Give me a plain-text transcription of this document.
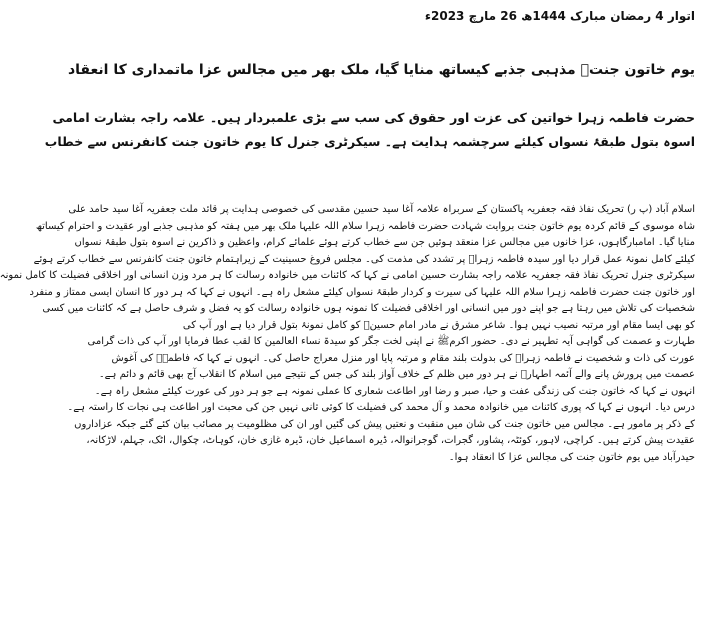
اتوار 4 رمضان مبارک 1444ھ 26 مارچ 2023ء
یوم خاتون جنتؑ مذہبی جذبے کیساتھ منایا گیا، ملک بھر میں مجالس عزا ماتمداری کا انعقاد
حضرت فاطمہ زہرا خواتین کی عزت اور حقوق کی سب سے بڑی علمبردار ہیں۔ علامہ راجہ بشارت امامی
اسوہ بتول طبقۂ نسواں کیلئے سرچشمہ ہدایت ہے۔ سیکرٹری جنرل کا یوم خاتون جنت کانفرنس سے خطاب
اسلام آباد (پ ر) تحریک نفاذ فقہ جعفریہ پاکستان کے سربراہ علامہ آغا سید حسین مقدسی کی خصوصی ہدایت پر قائد ملت جعفریہ آغا سید حامد علی
شاہ موسوی کے قائم کردہ یوم خاتون جنت بروایت شہادت حضرت فاطمہ زہرا سلام اللہ علیہا ملک بھر میں ہفتہ کو مذہبی جذبے اور عقیدت و احترام کیساتھ
منایا گیا۔ امامبارگاہوں، عزا خانوں میں مجالس عزا منعقد ہوئیں جن سے خطاب کرتے ہوئے علمائے کرام، واعظین و ذاکرین نے اسوہ بتول طبقۂ نسواں
کیلئے کامل نمونۂ عمل قرار دیا اور سیدہ فاطمہ زہراؑ پر تشدد کی مذمت کی۔ مجلس فروغ حسینیت کے زیراہتمام خاتون جنت کانفرنس سے خطاب کرتے ہوئے
سیکرٹری جنرل تحریک نفاذ فقہ جعفریہ علامہ راجہ بشارت حسین امامی نے کہا کہ کائنات میں خانوادہ رسالت کا ہر مرد وزن انسانی اور اخلاقی فضیلت کا کامل نمونہ
اور خاتون جنت حضرت فاطمہ زہرا سلام اللہ علیہا کی سیرت و کردار طبقۂ نسواں کیلئے مشعل راہ ہے۔ انہوں نے کہا کہ ہر دور کا انسان ایسی ممتاز و منفرد
شخصیات کی تلاش میں رہتا ہے جو اپنے دور میں انسانی اور اخلاقی فضیلت کا نمونہ ہوں خانوادہ رسالت کو یہ فضل و شرف حاصل ہے کہ کائنات میں کسی
کو بھی ایسا مقام اور مرتبہ نصیب نہیں ہوا۔ شاعر مشرق نے مادر امام حسینؑ کو کامل نمونۂ بتول قرار دیا ہے اور آپ کی
طہارت و عصمت کی گواہی آیہ تطہیر نے دی۔ حضور اکرمﷺ نے اپنی لخت جگر کو سیدۃ نساء العالمین کا لقب عطا فرمایا اور آپ کی ذات گرامی
عورت کی ذات و شخصیت نے فاطمہ زہراؑ کی بدولت بلند مقام و مرتبہ پایا اور منزل معراج حاصل کی۔ انہوں نے کہا کہ فاطمہؑ کی آغوش
عصمت میں پرورش پانے والے آئمہ اطہارؑ نے ہر دور میں ظلم کے خلاف آواز بلند کی جس کے نتیجے میں اسلام کا انقلاب آج بھی قائم و دائم ہے۔
انہوں نے کہا کہ خاتون جنت کی زندگی عفت و حیا، صبر و رضا اور اطاعت شعاری کا عملی نمونہ ہے جو ہر دور کی عورت کیلئے مشعل راہ ہے۔
درس دیا۔ انہوں نے کہا کہ پوری کائنات میں خانوادہ محمد و آل محمد کی فضیلت کا کوئی ثانی نہیں جن کی محبت اور اطاعت ہی نجات کا راستہ ہے۔
کے ذکر پر مامور ہے۔ مجالس میں خاتون جنت کی شان میں منقبت و نعتیں پیش کی گئیں اور ان کی مظلومیت پر مصائب بیان کئے گئے جبکہ عزاداروں
عقیدت پیش کرتے ہیں۔ کراچی، لاہور، کوئٹہ، پشاور، گجرات، گوجرانوالہ، ڈیرہ اسماعیل خان، ڈیرہ غازی خان، کوہاٹ، چکوال، اٹک، جہلم، لاڑکانہ،
حیدرآباد میں یوم خاتون جنت کی مجالس عزا کا انعقاد ہوا۔
